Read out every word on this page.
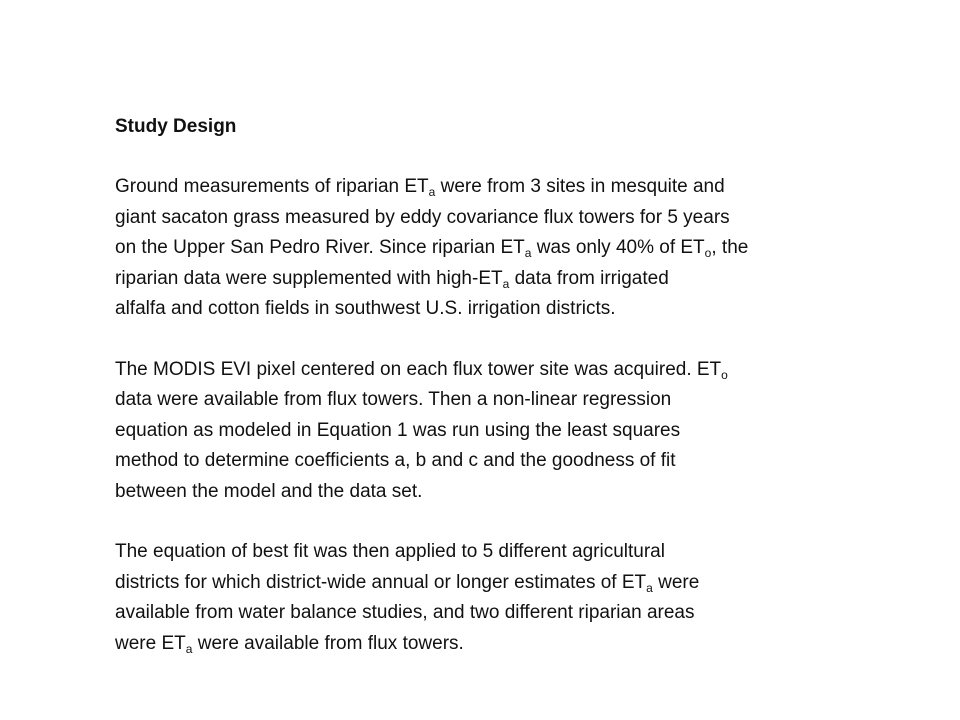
Study Design
Ground measurements of riparian $ET_a$ were from 3 sites in mesquite and
giant sacaton grass measured by eddy covariance flux towers for 5 years
on the Upper San Pedro River. Since riparian $ET_a$ was only 40% of $ET_o$, the
riparian data were supplemented with high-$ET_a$ data from irrigated
alfalfa and cotton fields in southwest U.S. irrigation districts.
The MODIS EVI pixel centered on each flux tower site was acquired. $ET_o$
data were available from flux towers. Then a non-linear regression
equation as modeled in Equation 1 was run using the least squares
method to determine coefficients a, b and c and the goodness of fit
between the model and the data set.
The equation of best fit was then applied to 5 different agricultural
districts for which district-wide annual or longer estimates of $ET_a$ were
available from water balance studies, and two different riparian areas
were $ET_a$ were available from flux towers.
